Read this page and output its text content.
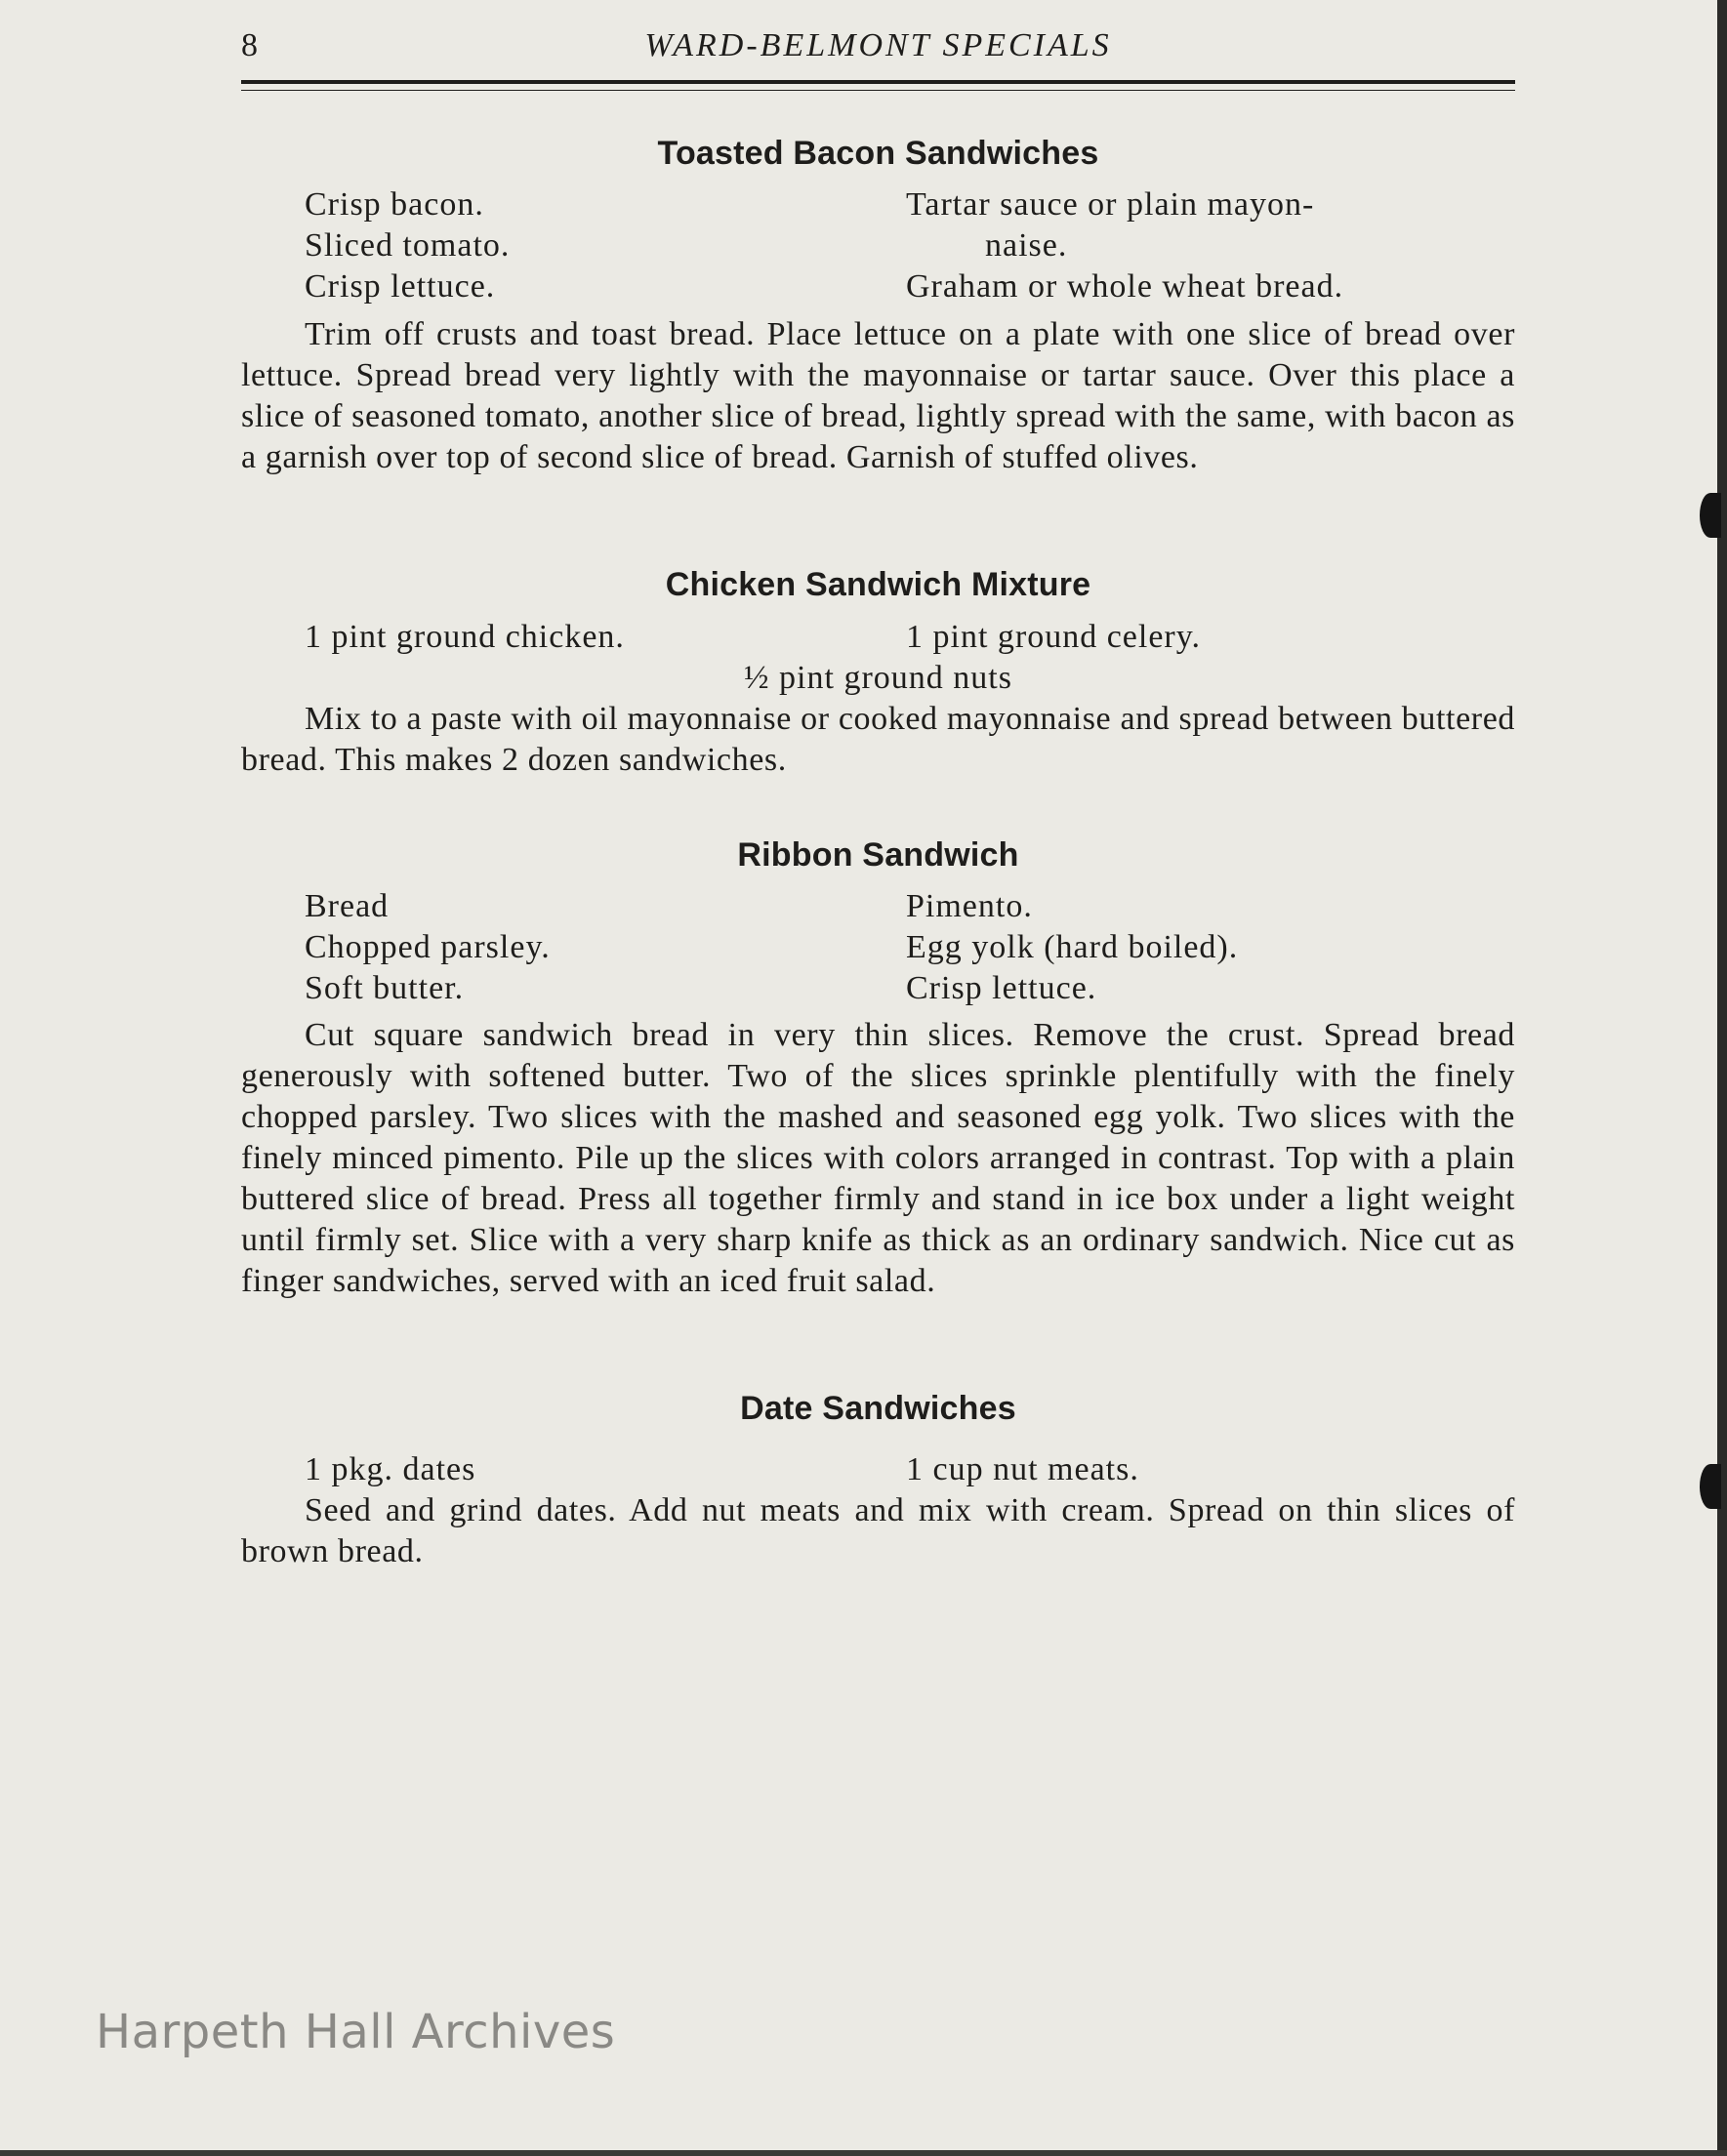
8	WARD-BELMONT SPECIALS
Toasted Bacon Sandwiches
Crisp bacon.	Tartar sauce or plain mayon-
Sliced tomato.	naise.
Crisp lettuce.	Graham or whole wheat bread.
Trim off crusts and toast bread. Place lettuce on a plate with one slice of bread over lettuce. Spread bread very lightly with the mayonnaise or tartar sauce. Over this place a slice of seasoned tomato, another slice of bread, lightly spread with the same, with bacon as a garnish over top of second slice of bread. Garnish of stuffed olives.
Chicken Sandwich Mixture
1 pint ground chicken.	1 pint ground celery.
½ pint ground nuts
Mix to a paste with oil mayonnaise or cooked mayonnaise and spread between buttered bread. This makes 2 dozen sandwiches.
Ribbon Sandwich
Bread	Pimento.
Chopped parsley.	Egg yolk (hard boiled).
Soft butter.	Crisp lettuce.
Cut square sandwich bread in very thin slices. Remove the crust. Spread bread generously with softened butter. Two of the slices sprinkle plentifully with the finely chopped parsley. Two slices with the mashed and seasoned egg yolk. Two slices with the finely minced pimento. Pile up the slices with colors arranged in contrast. Top with a plain buttered slice of bread. Press all together firmly and stand in ice box under a light weight until firmly set. Slice with a very sharp knife as thick as an ordinary sandwich. Nice cut as finger sandwiches, served with an iced fruit salad.
Date Sandwiches
1 pkg. dates	1 cup nut meats.
Seed and grind dates. Add nut meats and mix with cream. Spread on thin slices of brown bread.
Harpeth Hall Archives
